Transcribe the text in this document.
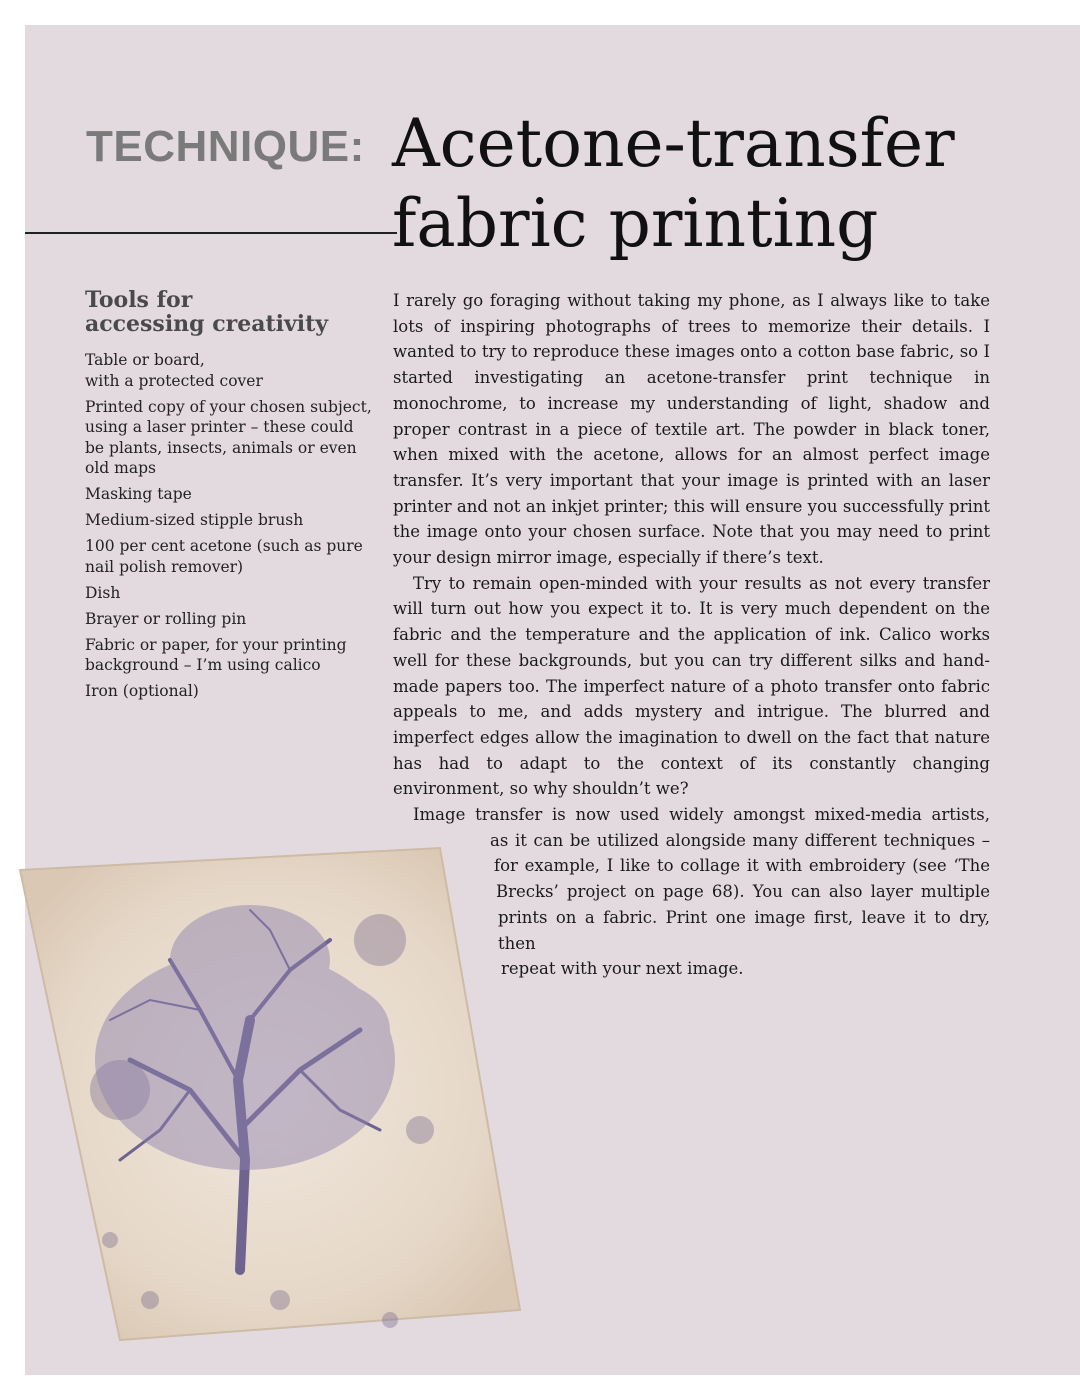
TECHNIQUE: Acetone-transfer
fabric printing
Tools for
accessing creativity
Table or board,
with a protected cover
Printed copy of your chosen subject, using a laser printer – these could be plants, insects, animals or even old maps
Masking tape
Medium-sized stipple brush
100 per cent acetone (such as pure nail polish remover)
Dish
Brayer or rolling pin
Fabric or paper, for your printing background – I’m using calico
Iron (optional)

I rarely go foraging without taking my phone, as I always like to take lots of inspiring photographs of trees to memorize their details. I wanted to try to reproduce these images onto a cotton base fabric, so I started investigating an acetone-transfer print technique in monochrome, to increase my understanding of light, shadow and proper contrast in a piece of textile art. The powder in black toner, when mixed with the acetone, allows for an almost perfect image transfer. It’s very important that your image is printed with an laser printer and not an inkjet printer; this will ensure you successfully print the image onto your chosen surface. Note that you may need to print your design mirror image, especially if there’s text.

Try to remain open-minded with your results as not every transfer will turn out how you expect it to. It is very much dependent on the fabric and the temperature and the application of ink. Calico works well for these backgrounds, but you can try different silks and hand-made papers too. The imperfect nature of a photo transfer onto fabric appeals to me, and adds mystery and intrigue. The blurred and imperfect edges allow the imagination to dwell on the fact that nature has had to adapt to the context of its constantly changing environment, so why shouldn’t we?

Image transfer is now used widely amongst mixed-media artists,
as it can be utilized alongside many different techniques –
for example, I like to collage it with embroidery (see ‘The
Brecks’ project on page 68). You can also layer multiple
prints on a fabric. Print one image first, leave it to dry, then
repeat with your next image.
